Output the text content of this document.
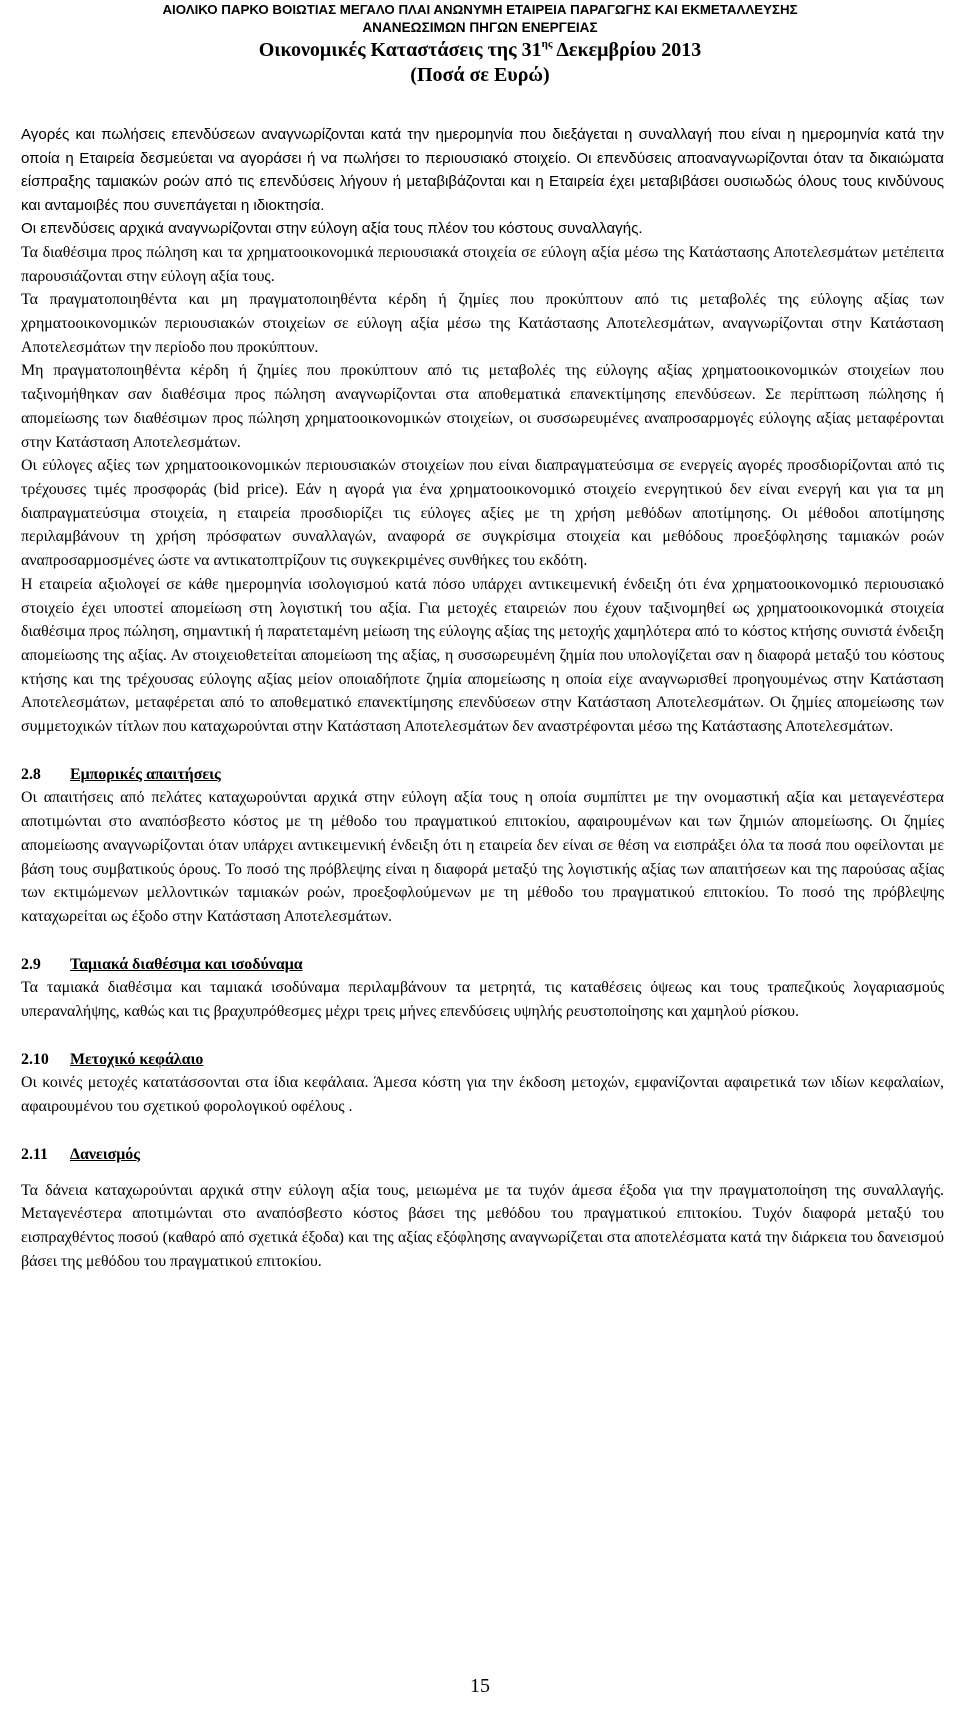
ΑΙΟΛΙΚΟ ΠΑΡΚΟ ΒΟΙΩΤΙΑΣ ΜΕΓΑΛΟ ΠΛΑΙ ΑΝΩΝΥΜΗ ΕΤΑΙΡΕΙΑ ΠΑΡΑΓΩΓΗΣ ΚΑΙ ΕΚΜΕΤΑΛΛΕΥΣΗΣ
ΑΝΑΝΕΩΣΙΜΩΝ ΠΗΓΩΝ ΕΝΕΡΓΕΙΑΣ
Οικονομικές Καταστάσεις της $31^{\eta\varsigma}$ Δεκεμβρίου 2013
(Ποσά σε Ευρώ)

Αγορές και πωλήσεις επενδύσεων αναγνωρίζονται κατά την ημερομηνία που διεξάγεται η συναλλαγή που είναι η ημερομηνία κατά την οποία η Εταιρεία δεσμεύεται να αγοράσει ή να πωλήσει το περιουσιακό στοιχείο. Οι επενδύσεις αποαναγνωρίζονται όταν τα δικαιώματα είσπραξης ταμιακών ροών από τις επενδύσεις λήγουν ή μεταβιβάζονται και η Εταιρεία έχει μεταβιβάσει ουσιωδώς όλους τους κινδύνους και ανταμοιβές που συνεπάγεται η ιδιοκτησία.

Οι επενδύσεις αρχικά αναγνωρίζονται στην εύλογη αξία τους πλέον του κόστους συναλλαγής.

Τα διαθέσιμα προς πώληση και τα χρηματοοικονομικά περιουσιακά στοιχεία σε εύλογη αξία μέσω της Κατάστασης Αποτελεσμάτων μετέπειτα παρουσιάζονται στην εύλογη αξία τους.

Τα πραγματοποιηθέντα και μη πραγματοποιηθέντα κέρδη ή ζημίες που προκύπτουν από τις μεταβολές της εύλογης αξίας των χρηματοοικονομικών περιουσιακών στοιχείων σε εύλογη αξία μέσω της Κατάστασης Αποτελεσμάτων, αναγνωρίζονται στην Κατάσταση Αποτελεσμάτων την περίοδο που προκύπτουν.

Μη πραγματοποιηθέντα κέρδη ή ζημίες που προκύπτουν από τις μεταβολές της εύλογης αξίας χρηματοοικονομικών στοιχείων που ταξινομήθηκαν σαν διαθέσιμα προς πώληση αναγνωρίζονται στα αποθεματικά επανεκτίμησης επενδύσεων. Σε περίπτωση πώλησης ή απομείωσης των διαθέσιμων προς πώληση χρηματοοικονομικών στοιχείων, οι συσσωρευμένες αναπροσαρμογές εύλογης αξίας μεταφέρονται στην Κατάσταση Αποτελεσμάτων.

Οι εύλογες αξίες των χρηματοοικονομικών περιουσιακών στοιχείων που είναι διαπραγματεύσιμα σε ενεργείς αγορές προσδιορίζονται από τις τρέχουσες τιμές προσφοράς (bid price). Εάν η αγορά για ένα χρηματοοικονομικό στοιχείο ενεργητικού δεν είναι ενεργή και για τα μη διαπραγματεύσιμα στοιχεία, η εταιρεία προσδιορίζει τις εύλογες αξίες με τη χρήση μεθόδων αποτίμησης. Οι μέθοδοι αποτίμησης περιλαμβάνουν τη χρήση πρόσφατων συναλλαγών, αναφορά σε συγκρίσιμα στοιχεία και μεθόδους προεξόφλησης ταμιακών ροών αναπροσαρμοσμένες ώστε να αντικατοπτρίζουν τις συγκεκριμένες συνθήκες του εκδότη.

Η εταιρεία αξιολογεί σε κάθε ημερομηνία ισολογισμού κατά πόσο υπάρχει αντικειμενική ένδειξη ότι ένα χρηματοοικονομικό περιουσιακό στοιχείο έχει υποστεί απομείωση στη λογιστική του αξία. Για μετοχές εταιρειών που έχουν ταξινομηθεί ως χρηματοοικονομικά στοιχεία διαθέσιμα προς πώληση, σημαντική ή παρατεταμένη μείωση της εύλογης αξίας της μετοχής χαμηλότερα από το κόστος κτήσης συνιστά ένδειξη απομείωσης της αξίας. Αν στοιχειοθετείται απομείωση της αξίας, η συσσωρευμένη ζημία που υπολογίζεται σαν η διαφορά μεταξύ του κόστους κτήσης και της τρέχουσας εύλογης αξίας μείον οποιαδήποτε ζημία απομείωσης η οποία είχε αναγνωρισθεί προηγουμένως στην Κατάσταση Αποτελεσμάτων, μεταφέρεται από το αποθεματικό επανεκτίμησης επενδύσεων στην Κατάσταση Αποτελεσμάτων. Οι ζημίες απομείωσης των συμμετοχικών τίτλων που καταχωρούνται στην Κατάσταση Αποτελεσμάτων δεν αναστρέφονται μέσω της Κατάστασης Αποτελεσμάτων.

2.8 Εμπορικές απαιτήσεις

Οι απαιτήσεις από πελάτες καταχωρούνται αρχικά στην εύλογη αξία τους η οποία συμπίπτει με την ονομαστική αξία και μεταγενέστερα αποτιμώνται στο αναπόσβεστο κόστος με τη μέθοδο του πραγματικού επιτοκίου, αφαιρουμένων και των ζημιών απομείωσης. Οι ζημίες απομείωσης αναγνωρίζονται όταν υπάρχει αντικειμενική ένδειξη ότι η εταιρεία δεν είναι σε θέση να εισπράξει όλα τα ποσά που οφείλονται με βάση τους συμβατικούς όρους. Το ποσό της πρόβλεψης είναι η διαφορά μεταξύ της λογιστικής αξίας των απαιτήσεων και της παρούσας αξίας των εκτιμώμενων μελλοντικών ταμιακών ροών, προεξοφλούμενων με τη μέθοδο του πραγματικού επιτοκίου. Το ποσό της πρόβλεψης καταχωρείται ως έξοδο στην Κατάσταση Αποτελεσμάτων.

2.9 Ταμιακά διαθέσιμα και ισοδύναμα

Τα ταμιακά διαθέσιμα και ταμιακά ισοδύναμα περιλαμβάνουν τα μετρητά, τις καταθέσεις όψεως και τους τραπεζικούς λογαριασμούς υπεραναλήψης, καθώς και τις βραχυπρόθεσμες μέχρι τρεις μήνες επενδύσεις υψηλής ρευστοποίησης και χαμηλού ρίσκου.

2.10 Μετοχικό κεφάλαιο

Οι κοινές μετοχές κατατάσσονται στα ίδια κεφάλαια. Άμεσα κόστη για την έκδοση μετοχών, εμφανίζονται αφαιρετικά των ιδίων κεφαλαίων, αφαιρουμένου του σχετικού φορολογικού οφέλους .

2.11 Δανεισμός

Τα δάνεια καταχωρούνται αρχικά στην εύλογη αξία τους, μειωμένα με τα τυχόν άμεσα έξοδα για την πραγματοποίηση της συναλλαγής. Μεταγενέστερα αποτιμώνται στο αναπόσβεστο κόστος βάσει της μεθόδου του πραγματικού επιτοκίου. Τυχόν διαφορά μεταξύ του εισπραχθέντος ποσού (καθαρό από σχετικά έξοδα) και της αξίας εξόφλησης αναγνωρίζεται στα αποτελέσματα κατά την διάρκεια του δανεισμού βάσει της μεθόδου του πραγματικού επιτοκίου.

15
